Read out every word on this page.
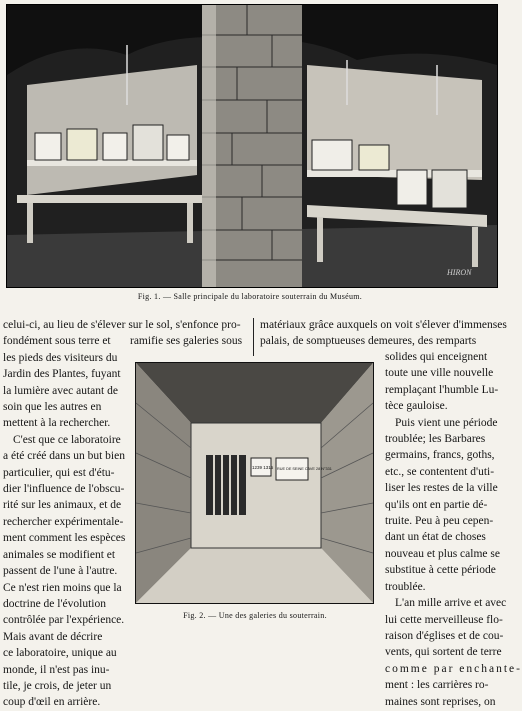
HIRON
Fig. 1. — Salle principale du laboratoire souterrain du Muséum.
celui-ci, au lieu de s'élever sur le sol, s'enfonce pro-
fondément sous terre et
les pieds des visiteurs du
Jardin des Plantes, fuyant
la lumière avec autant de
soin que les autres en
mettent à la rechercher.
C'est que ce laboratoire
a été créé dans un but bien
particulier, qui est d'étu-
dier l'influence de l'obscu-
rité sur les animaux, et de
rechercher expérimentale-
ment comment les espèces
animales se modifient et
passent de l'une à l'autre.
Ce n'est rien moins que la
doctrine de l'évolution
contrôlée par l'expérience.
Mais avant de décrire
ce laboratoire, unique au
monde, il n'est pas inu-
tile, je crois, de jeter un
coup d'œil en arrière.
ramifie ses galeries sous
matériaux grâce auxquels on voit s'élever d'immenses
palais, de somptueuses demeures, des remparts
solides qui enceignent
toute une ville nouvelle
remplaçant l'humble Lu-
tèce gauloise.
Puis vient une période
troublée; les Barbares
germains, francs, goths,
etc., se contentent d'uti-
liser les restes de la ville
qu'ils ont en partie dé-
truite. Peu à peu cepen-
dant un état de choses
nouveau et plus calme se
substitue à cette période
troublée.
L'an mille arrive et avec
lui cette merveilleuse flo-
raison d'églises et de cou-
vents, qui sortent de terre
comme par enchante-
ment : les carrières ro-
maines sont reprises, on
1239 1315 RUE DE SEINE CAVE 28 N°331
Fig. 2. — Une des galeries du souterrain.
